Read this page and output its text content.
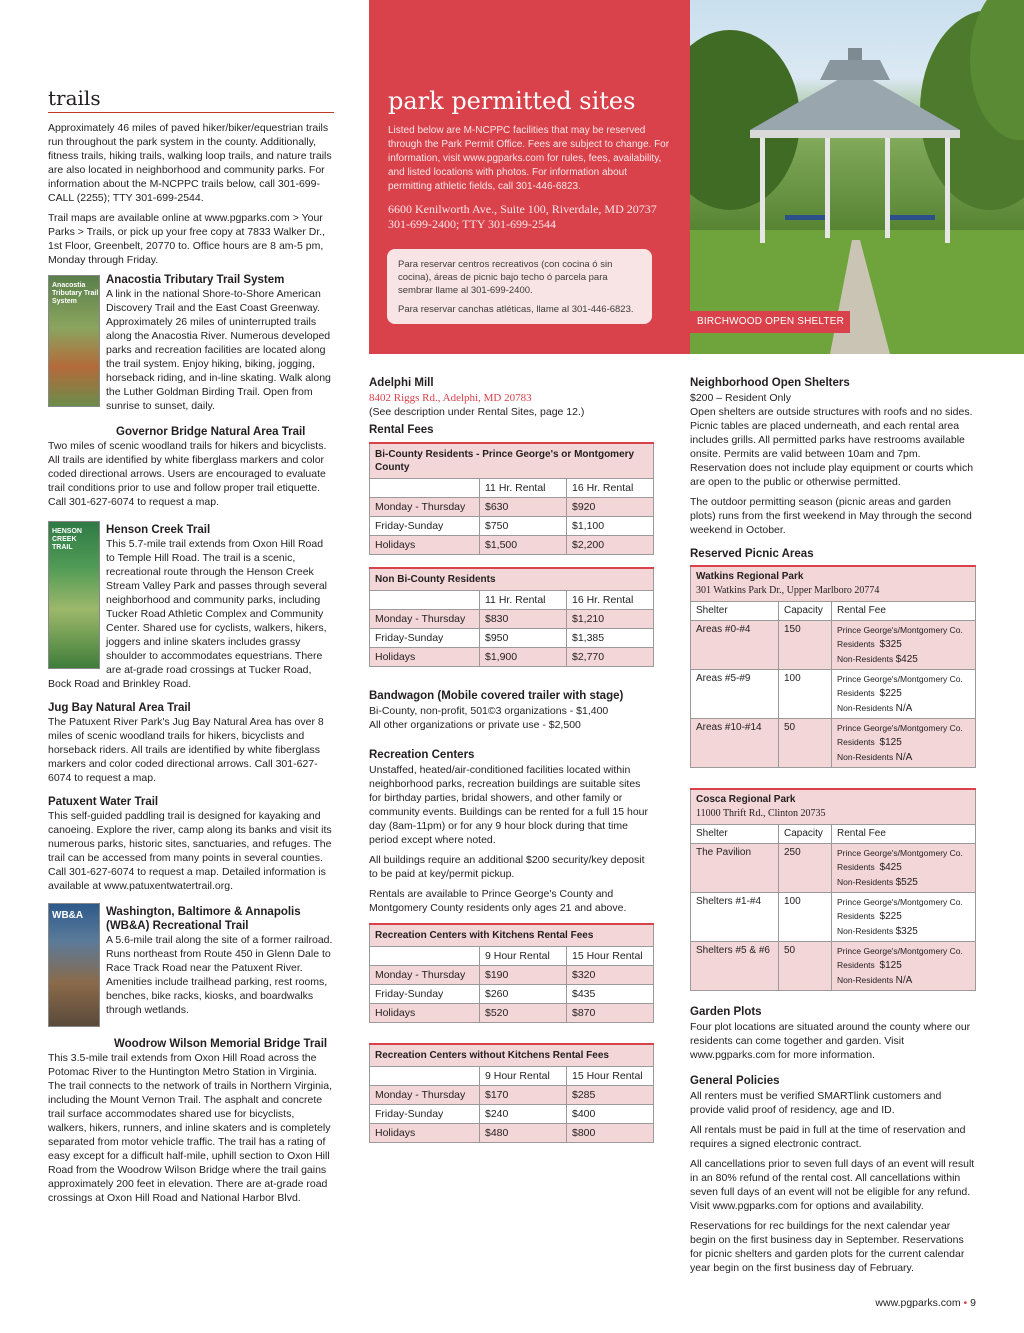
trails

Approximately 46 miles of paved hiker/biker/equestrian trails run throughout the park system in the county. Additionally, fitness trails, hiking trails, walking loop trails, and nature trails are also located in neighborhood and community parks. For information about the M-NCPPC trails below, call 301-699-CALL (2255); TTY 301-699-2544.

Trail maps are available online at www.pgparks.com > Your Parks > Trails, or pick up your free copy at 7833 Walker Dr., 1st Floor, Greenbelt, 20770 to. Office hours are 8 am-5 pm, Monday through Friday.

Anacostia Tributary Trail System
Anacostia Tributary Trail System
A link in the national Shore-to-Shore American Discovery Trail and the East Coast Greenway. Approximately 26 miles of uninterrupted trails along the Anacostia River. Numerous developed parks and recreation facilities are located along the trail system. Enjoy hiking, biking, jogging, horseback riding, and in-line skating. Walk along the Luther Goldman Birding Trail. Open from sunrise to sunset, daily.
Governor Bridge Natural Area Trail
Two miles of scenic woodland trails for hikers and bicyclists. All trails are identified by white fiberglass markers and color coded directional arrows. Users are encouraged to evaluate trail conditions prior to use and follow proper trail etiquette. Call 301-627-6074 to request a map.
HENSON CREEK TRAIL
Henson Creek Trail
This 5.7-mile trail extends from Oxon Hill Road to Temple Hill Road. The trail is a scenic, recreational route through the Henson Creek Stream Valley Park and passes through several neighborhood and community parks, including Tucker Road Athletic Complex and Community Center. Shared use for cyclists, walkers, hikers, joggers and inline skaters includes grassy shoulder to accommodates equestrians. There are at-grade road crossings at Tucker Road, Bock Road and Brinkley Road.
Jug Bay Natural Area Trail
The Patuxent River Park's Jug Bay Natural Area has over 8 miles of scenic woodland trails for hikers, bicyclists and horseback riders. All trails are identified by white fiberglass markers and color coded directional arrows. Call 301-627-6074 to request a map.
Patuxent Water Trail
This self-guided paddling trail is designed for kayaking and canoeing. Explore the river, camp along its banks and visit its numerous parks, historic sites, sanctuaries, and refuges. The trail can be accessed from many points in several counties. Call 301-627-6074 to request a map. Detailed information is available at www.patuxentwatertrail.org.
WB&A	Washington, Baltimore & Annapolis (WB&A) Recreational Trail
A 5.6-mile trail along the site of a former railroad. Runs northeast from Route 450 in Glenn Dale to Race Track Road near the Patuxent River. Amenities include trailhead parking, rest rooms, benches, bike racks, kiosks, and boardwalks through wetlands.
Woodrow Wilson Memorial Bridge Trail
This 3.5-mile trail extends from Oxon Hill Road across the Potomac River to the Huntington Metro Station in Virginia. The trail connects to the network of trails in Northern Virginia, including the Mount Vernon Trail. The asphalt and concrete trail surface accommodates shared use for bicyclists, walkers, hikers, runners, and inline skaters and is completely separated from motor vehicle traffic. The trail has a rating of easy except for a difficult half-mile, uphill section to Oxon Hill Road from the Woodrow Wilson Bridge where the trail gains approximately 200 feet in elevation. There are at-grade road crossings at Oxon Hill Road and National Harbor Blvd.
park permitted sites
Listed below are M-NCPPC facilities that may be reserved through the Park Permit Office. Fees are subject to change. For information, visit www.pgparks.com for rules, fees, availability, and listed locations with photos. For information about permitting athletic fields, call 301-446-6823.
6600 Kenilworth Ave., Suite 100, Riverdale, MD 20737
301-699-2400; TTY 301-699-2544
Para reservar centros recreativos (con cocina ó sin cocina), áreas de picnic bajo techo ó parcela para sembrar llame al 301-699-2400.
Para reservar canchas atléticas, llame al 301-446-6823.
BIRCHWOOD OPEN SHELTER
Adelphi Mill
8402 Riggs Rd., Adelphi, MD 20783
(See description under Rental Sites, page 12.)
Rental Fees
Bi-County Residents - Prince George's or Montgomery County		
	11 Hr. Rental	16 Hr. Rental
Monday - Thursday	$630	$920
Friday-Sunday	$750	$1,100
Holidays	$1,500	$2,200
Non Bi-County Residents		
	11 Hr. Rental	16 Hr. Rental
Monday - Thursday	$830	$1,210
Friday-Sunday	$950	$1,385
Holidays	$1,900	$2,770
Bandwagon (Mobile covered trailer with stage)
Bi-County, non-profit, 501©3 organizations - $1,400
All other organizations or private use - $2,500
Recreation Centers

Unstaffed, heated/air-conditioned facilities located within neighborhood parks, recreation buildings are suitable sites for birthday parties, bridal showers, and other family or community events. Buildings can be rented for a full 15 hour day (8am-11pm) or for any 9 hour block during that time period except where noted.

All buildings require an additional $200 security/key deposit to be paid at key/permit pickup.

Rentals are available to Prince George's County and Montgomery County residents only ages 21 and above.

Recreation Centers with Kitchens Rental Fees		
	9 Hour Rental	15 Hour Rental
Monday - Thursday	$190	$320
Friday-Sunday	$260	$435
Holidays	$520	$870
Recreation Centers without Kitchens Rental Fees		
	9 Hour Rental	15 Hour Rental
Monday - Thursday	$170	$285
Friday-Sunday	$240	$400
Holidays	$480	$800
Neighborhood Open Shelters
$200 – Resident Only

Open shelters are outside structures with roofs and no sides. Picnic tables are placed underneath, and each rental area includes grills. All permitted parks have restrooms available onsite. Permits are valid between 10am and 7pm. Reservation does not include play equipment or courts which are open to the public or otherwise permitted.

The outdoor permitting season (picnic areas and garden plots) runs from the first weekend in May through the second weekend in October.

Reserved Picnic Areas
Watkins Regional Park
301 Watkins Park Dr., Upper Marlboro 20774		

Shelter	Capacity	Rental Fee
Areas #0-#4	150	Prince George's/Montgomery Co.
Residents $325
Non-Residents $425

Areas #5-#9	100	Prince George's/Montgomery Co.
Residents $225
Non-Residents N/A

Areas #10-#14	50	Prince George's/Montgomery Co.
Residents $125
Non-Residents N/A
Cosca Regional Park
11000 Thrift Rd., Clinton 20735		

Shelter	Capacity	Rental Fee
The Pavilion	250	Prince George's/Montgomery Co.
Residents $425
Non-Residents $525

Shelters #1-#4	100	Prince George's/Montgomery Co.
Residents $225
Non-Residents $325

Shelters #5 & #6	50	Prince George's/Montgomery Co.
Residents $125
Non-Residents N/A
Garden Plots

Four plot locations are situated around the county where our residents can come together and garden. Visit www.pgparks.com for more information.

General Policies

All renters must be verified SMARTlink customers and provide valid proof of residency, age and ID.

All rentals must be paid in full at the time of reservation and requires a signed electronic contract.

All cancellations prior to seven full days of an event will result in an 80% refund of the rental cost. All cancellations within seven full days of an event will not be eligible for any refund. Visit www.pgparks.com for options and availability.

Reservations for rec buildings for the next calendar year begin on the first business day in September. Reservations for picnic shelters and garden plots for the current calendar year begin on the first business day of February.

www.pgparks.com • 9
